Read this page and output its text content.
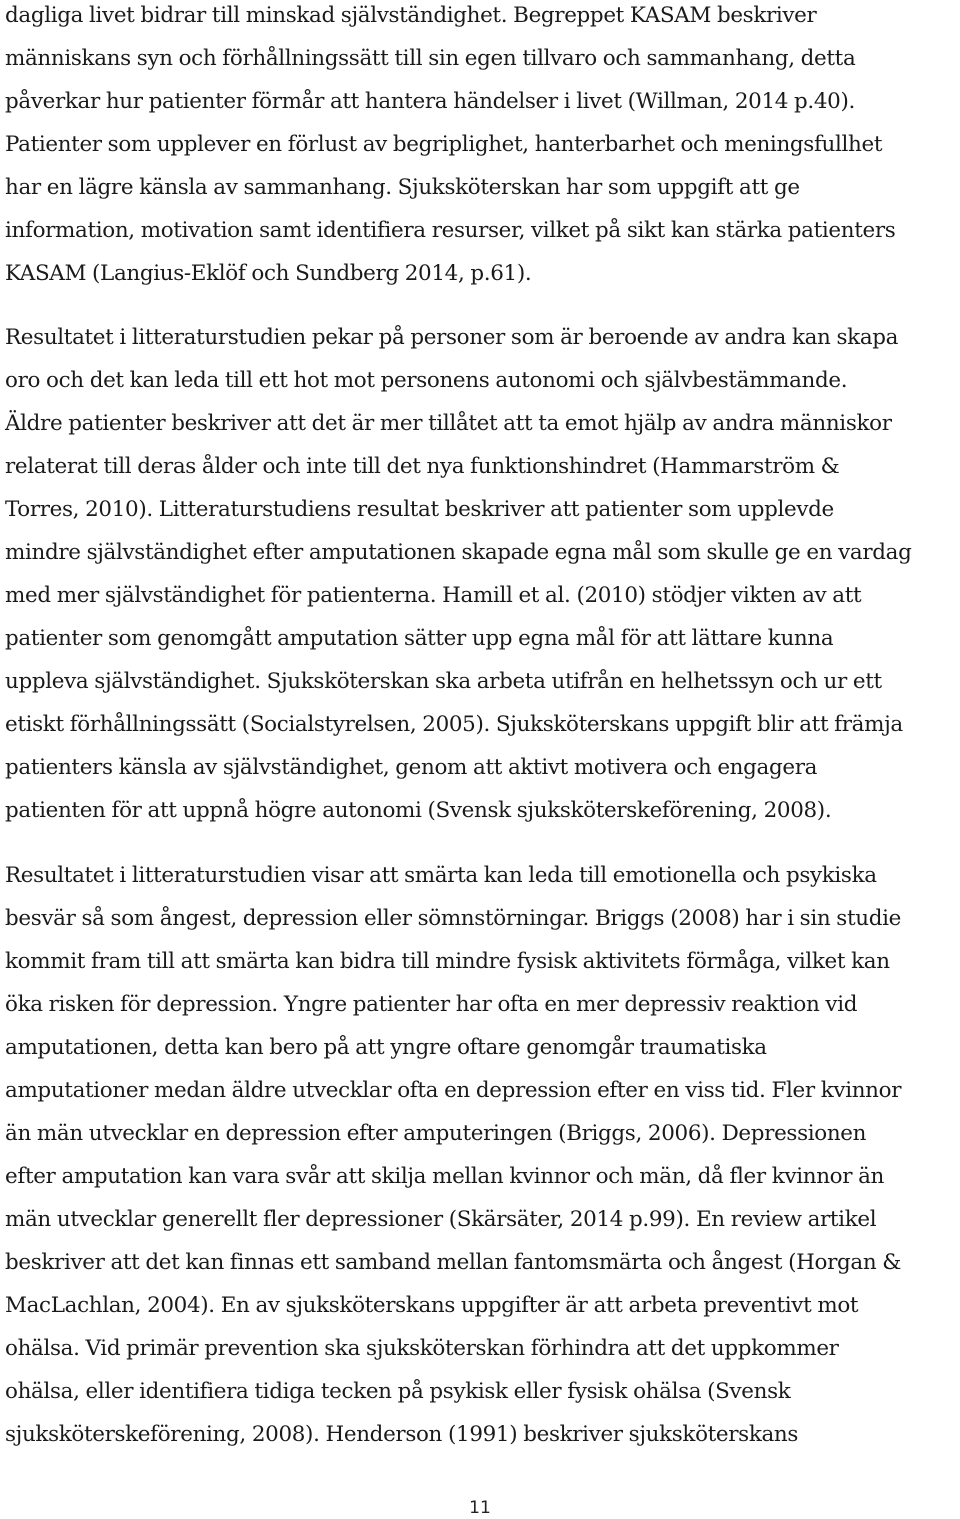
dagliga livet bidrar till minskad självständighet. Begreppet KASAM beskriver
människans syn och förhållningssätt till sin egen tillvaro och sammanhang, detta
påverkar hur patienter förmår att hantera händelser i livet (Willman, 2014 p.40).
Patienter som upplever en förlust av begriplighet, hanterbarhet och meningsfullhet
har en lägre känsla av sammanhang. Sjuksköterskan har som uppgift att ge
information, motivation samt identifiera resurser, vilket på sikt kan stärka patienters
KASAM (Langius-Eklöf och Sundberg 2014, p.61).

Resultatet i litteraturstudien pekar på personer som är beroende av andra kan skapa
oro och det kan leda till ett hot mot personens autonomi och självbestämmande.
Äldre patienter beskriver att det är mer tillåtet att ta emot hjälp av andra människor
relaterat till deras ålder och inte till det nya funktionshindret (Hammarström &
Torres, 2010). Litteraturstudiens resultat beskriver att patienter som upplevde
mindre självständighet efter amputationen skapade egna mål som skulle ge en vardag
med mer självständighet för patienterna. Hamill et al. (2010) stödjer vikten av att
patienter som genomgått amputation sätter upp egna mål för att lättare kunna
uppleva självständighet. Sjuksköterskan ska arbeta utifrån en helhetssyn och ur ett
etiskt förhållningssätt (Socialstyrelsen, 2005). Sjuksköterskans uppgift blir att främja
patienters känsla av självständighet, genom att aktivt motivera och engagera
patienten för att uppnå högre autonomi (Svensk sjuksköterskeförening, 2008).

Resultatet i litteraturstudien visar att smärta kan leda till emotionella och psykiska
besvär så som ångest, depression eller sömnstörningar. Briggs (2008) har i sin studie
kommit fram till att smärta kan bidra till mindre fysisk aktivitets förmåga, vilket kan
öka risken för depression. Yngre patienter har ofta en mer depressiv reaktion vid
amputationen, detta kan bero på att yngre oftare genomgår traumatiska
amputationer medan äldre utvecklar ofta en depression efter en viss tid. Fler kvinnor
än män utvecklar en depression efter amputeringen (Briggs, 2006). Depressionen
efter amputation kan vara svår att skilja mellan kvinnor och män, då fler kvinnor än
män utvecklar generellt fler depressioner (Skärsäter, 2014 p.99). En review artikel
beskriver att det kan finnas ett samband mellan fantomsmärta och ångest (Horgan &
MacLachlan, 2004). En av sjuksköterskans uppgifter är att arbeta preventivt mot
ohälsa. Vid primär prevention ska sjuksköterskan förhindra att det uppkommer
ohälsa, eller identifiera tidiga tecken på psykisk eller fysisk ohälsa (Svensk
sjuksköterskeförening, 2008). Henderson (1991) beskriver sjuksköterskans

11
